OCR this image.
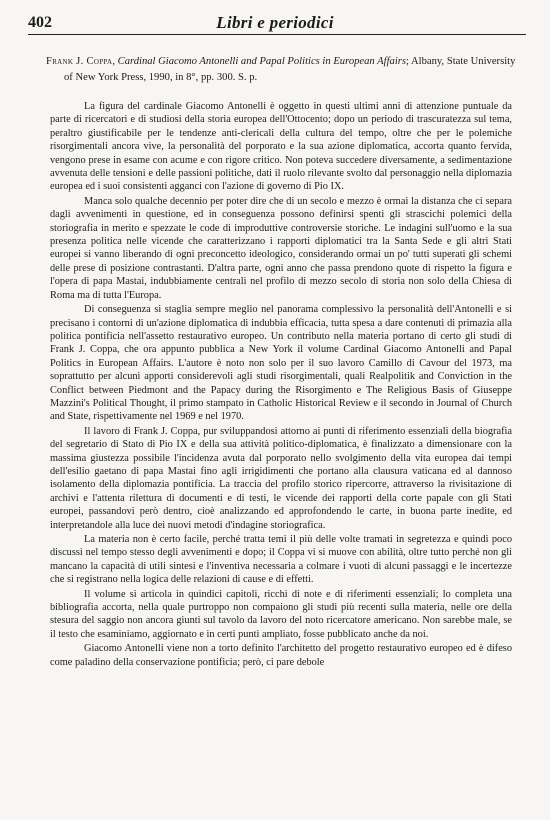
402	Libri e periodici
Frank J. Coppa, Cardinal Giacomo Antonelli and Papal Politics in European Affairs; Albany, State University of New York Press, 1990, in 8°, pp. 300. S. p.

La figura del cardinale Giacomo Antonelli è oggetto in questi ultimi anni di attenzione puntuale da parte di ricercatori e di studiosi della storia europea dell'Ottocento; dopo un periodo di trascuratezza sul tema, peraltro giustificabile per le tendenze anti-clericali della cultura del tempo, oltre che per le polemiche risorgimentali ancora vive, la personalità del porporato e la sua azione diplomatica, accorta quanto fervida, vengono prese in esame con acume e con rigore critico. Non poteva succedere diversamente, a sedimentazione avvenuta delle tensioni e delle passioni politiche, dati il ruolo rilevante svolto dal personaggio nella diplomazia europea ed i suoi consistenti agganci con l'azione di governo di Pio IX.

Manca solo qualche decennio per poter dire che di un secolo e mezzo è ormai la distanza che ci separa dagli avvenimenti in questione, ed in conseguenza possono definirsi spenti gli strascichi polemici della storiografia in merito e spezzate le code di improduttive controversie storiche. Le indagini sull'uomo e la sua presenza politica nelle vicende che caratterizzano i rapporti diplomatici tra la Santa Sede e gli altri Stati europei si vanno liberando di ogni preconcetto ideologico, considerando ormai un po' tutti superati gli schemi delle prese di posizione contrastanti. D'altra parte, ogni anno che passa prendono quote di rispetto la figura e l'opera di papa Mastai, indubbiamente centrali nel profilo di mezzo secolo di storia non solo della Chiesa di Roma ma di tutta l'Europa.

Di conseguenza si staglia sempre meglio nel panorama complessivo la personalità dell'Antonelli e si precisano i contorni di un'azione diplomatica di indubbia efficacia, tutta spesa a dare contenuti di primazia alla politica pontificia nell'assetto restaurativo europeo. Un contributo nella materia portano di certo gli studi di Frank J. Coppa, che ora appunto pubblica a New York il volume Cardinal Giacomo Antonelli and Papal Politics in European Affairs. L'autore è noto non solo per il suo lavoro Camillo di Cavour del 1973, ma soprattutto per alcuni apporti considerevoli agli studi risorgimentali, quali Realpolitik and Conviction in the Conflict between Piedmont and the Papacy during the Risorgimento e The Religious Basis of Giuseppe Mazzini's Political Thought, il primo stampato in Catholic Historical Review e il secondo in Journal of Church and State, rispettivamente nel 1969 e nel 1970.

Il lavoro di Frank J. Coppa, pur sviluppandosi attorno ai punti di riferimento essenziali della biografia del segretario di Stato di Pio IX e della sua attività politico-diplomatica, è finalizzato a dimensionare con la massima giustezza possibile l'incidenza avuta dal porporato nello svolgimento della vita europea dai tempi dell'esilio gaetano di papa Mastai fino agli irrigidimenti che portano alla clausura vaticana ed al dannoso isolamento della diplomazia pontificia. La traccia del profilo storico ripercorre, attraverso la rivisitazione di archivi e l'attenta rilettura di documenti e di testi, le vicende dei rapporti della corte papale con gli Stati europei, passandovi però dentro, cioè analizzando ed approfondendo le carte, in buona parte inedite, ed interpretandole alla luce dei nuovi metodi d'indagine storiografica.

La materia non è certo facile, perché tratta temi il più delle volte tramati in segretezza e quindi poco discussi nel tempo stesso degli avvenimenti e dopo; il Coppa vi si muove con abilità, oltre tutto perché non gli mancano la capacità di utili sintesi e l'inventiva necessaria a colmare i vuoti di alcuni passaggi e le incertezze che si registrano nella logica delle relazioni di cause e di effetti.

Il volume si articola in quindici capitoli, ricchi di note e di riferimenti essenziali; lo completa una bibliografia accorta, nella quale purtroppo non compaiono gli studi più recenti sulla materia, nelle ore della stesura del saggio non ancora giunti sul tavolo da lavoro del noto ricercatore americano. Non sarebbe male, se il testo che esaminiamo, aggiornato e in certi punti ampliato, fosse pubblicato anche da noi.

Giacomo Antonelli viene non a torto definito l'architetto del progetto restaurativo europeo ed è difeso come paladino della conservazione pontificia; però, ci pare debole
